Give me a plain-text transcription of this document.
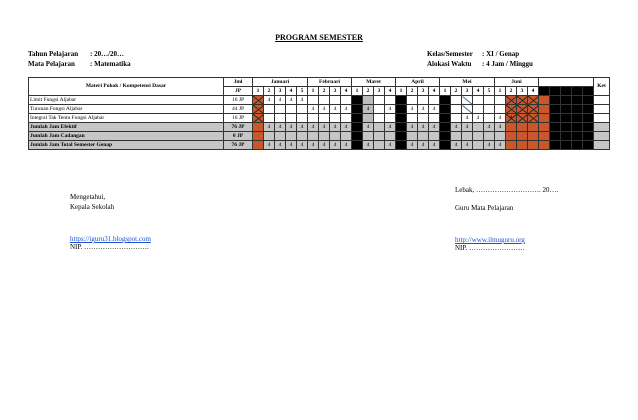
PROGRAM SEMESTER
Tahun Pelajaran : 20…/20…
Mata Pelajaran : Matematika
Kelas/Semester : XI / Genap
Alokasi Waktu : 4 Jam / Minggu
Materi Pokok / Kompetensi Dasar	Jml	Januari					Februari				Maret				April				Mei					Juni									Ket
	JP	1	2	3	4	5	1	2	3	4	1	2	3	4	1	2	3	4	1	2	3	4	5	1	2	3	4						
Limit Fungsi Aljabar	16 JP		4	4	4	4																											
Turunan Fungsi Aljabar	44 JP						4	4	4	4		4		4	4	4	4	4	4														
Integral Tak Tentu Fungsi Aljabar	16 JP																				4	4		4	4								
Jumlah Jam Efektif	76 JP		4	4	4	4	4	4	4	4		4		4	4	4	4	4	4	4	4		4	4									
Jumlah Jam Cadangan	0 JP																																
Jumlah Jam Total Semester Genap	76 JP		4	4	4	4	4	4	4	4		4		4	4	4	4	4	4	4	4		4	4									
Mengetahui,
Kepala Sekolah
https://iguru31.blogspot.com
NIP. ……………………….
Lebak, ………………………. 20….
Guru Mata Pelajaran
http://www.ilmuguru.org
NIP. ……………………
